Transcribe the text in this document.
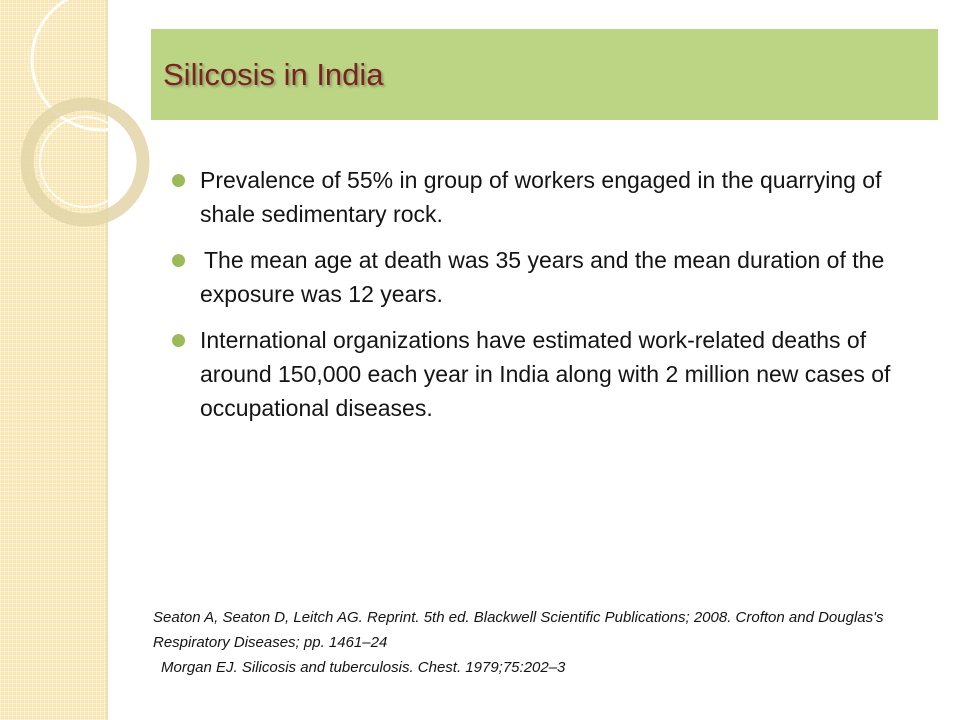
Silicosis in India
Prevalence of 55% in group of workers engaged in the quarrying of shale sedimentary rock.
The mean age at death was 35 years and the mean duration of the exposure was 12 years.
International organizations have estimated work-related deaths of around 150,000 each year in India along with 2 million new cases of occupational diseases.

Seaton A, Seaton D, Leitch AG. Reprint. 5th ed. Blackwell Scientific Publications; 2008. Crofton and Douglas's Respiratory Diseases; pp. 1461–24

Morgan EJ. Silicosis and tuberculosis. Chest. 1979;75:202–3
